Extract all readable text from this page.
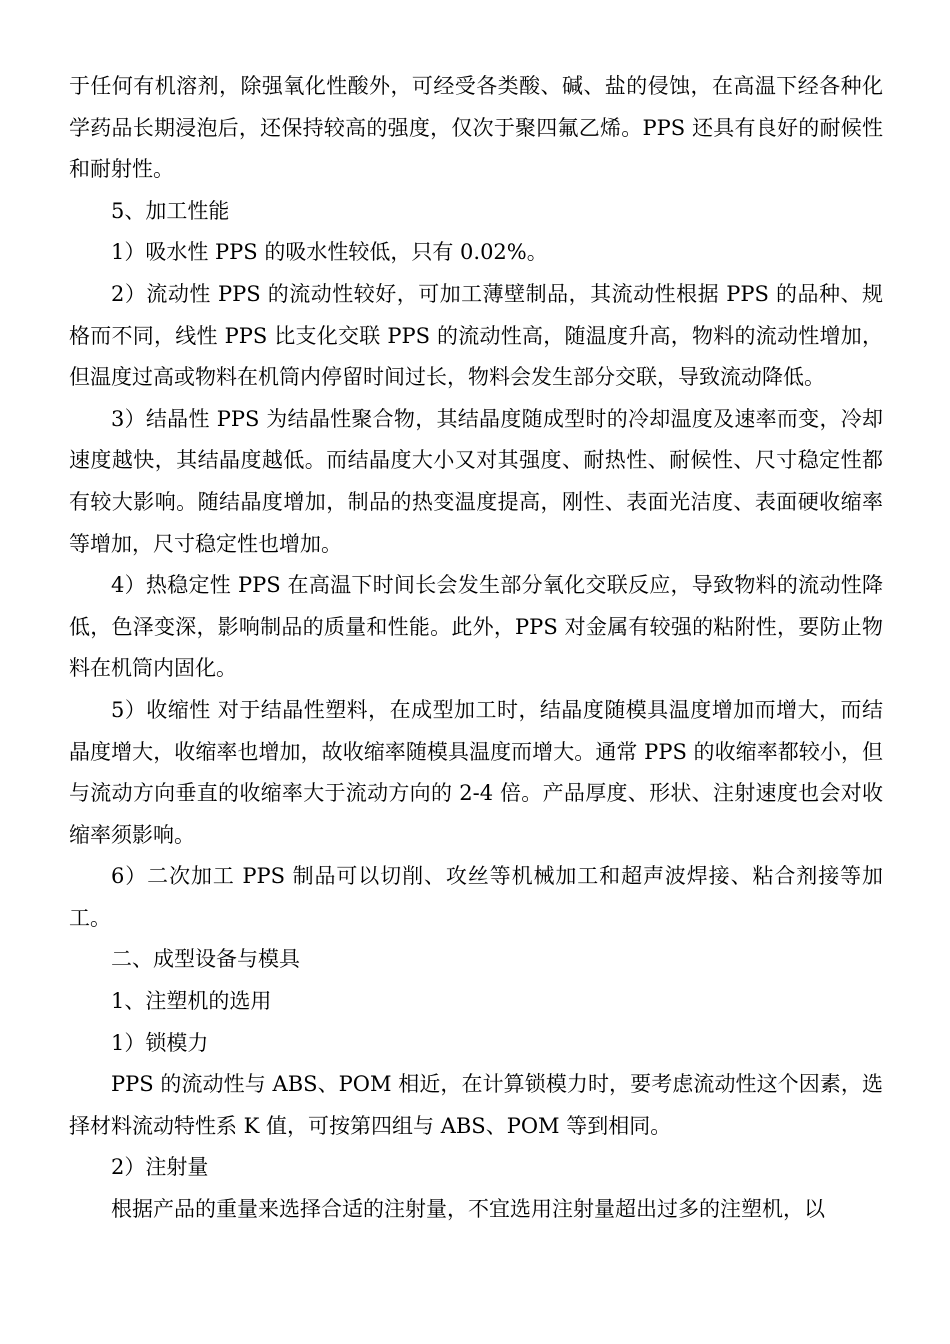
于任何有机溶剂，除强氧化性酸外，可经受各类酸、碱、盐的侵蚀，在高温下经各种化学药品长期浸泡后，还保持较高的强度，仅次于聚四氟乙烯。PPS 还具有良好的耐候性和耐射性。

5、加工性能

1）吸水性 PPS 的吸水性较低，只有 0.02%。

2）流动性 PPS 的流动性较好，可加工薄壁制品，其流动性根据 PPS 的品种、规格而不同，线性 PPS 比支化交联 PPS 的流动性高，随温度升高，物料的流动性增加，但温度过高或物料在机筒内停留时间过长，物料会发生部分交联，导致流动降低。

3）结晶性 PPS 为结晶性聚合物，其结晶度随成型时的冷却温度及速率而变，冷却速度越快，其结晶度越低。而结晶度大小又对其强度、耐热性、耐候性、尺寸稳定性都有较大影响。随结晶度增加，制品的热变温度提高，刚性、表面光洁度、表面硬收缩率等增加，尺寸稳定性也增加。

4）热稳定性 PPS 在高温下时间长会发生部分氧化交联反应，导致物料的流动性降低，色泽变深，影响制品的质量和性能。此外，PPS 对金属有较强的粘附性，要防止物料在机筒内固化。

5）收缩性 对于结晶性塑料，在成型加工时，结晶度随模具温度增加而增大，而结晶度增大，收缩率也增加，故收缩率随模具温度而增大。通常 PPS 的收缩率都较小，但与流动方向垂直的收缩率大于流动方向的 2-4 倍。产品厚度、形状、注射速度也会对收缩率须影响。

6）二次加工 PPS 制品可以切削、攻丝等机械加工和超声波焊接、粘合剂接等加工。

二、成型设备与模具

1、注塑机的选用

1）锁模力

PPS 的流动性与 ABS、POM 相近，在计算锁模力时，要考虑流动性这个因素，选择材料流动特性系 K 值，可按第四组与 ABS、POM 等到相同。

2）注射量

根据产品的重量来选择合适的注射量，不宜选用注射量超出过多的注塑机，以
